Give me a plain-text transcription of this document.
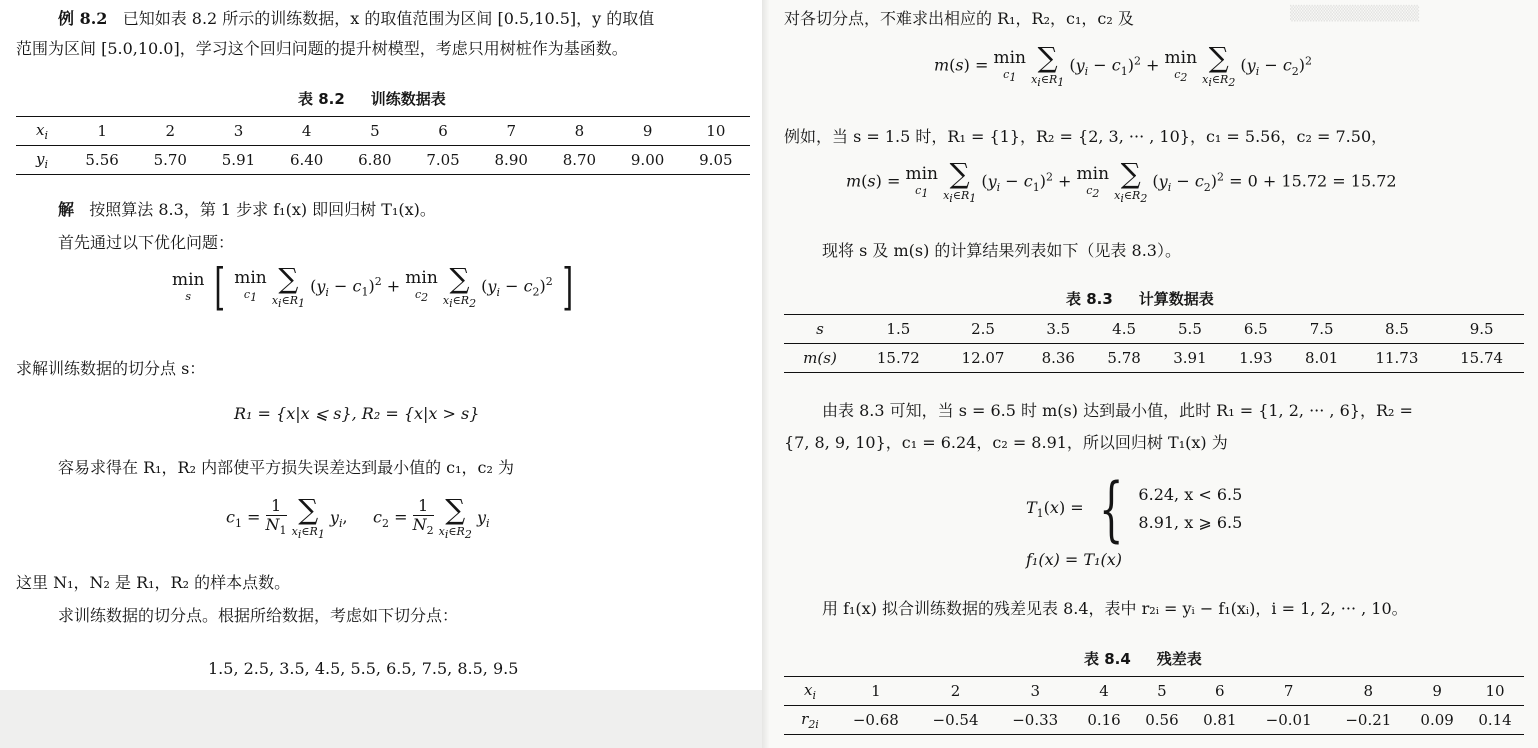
例 8.2 已知如表 8.2 所示的训练数据，x 的取值范围为区间 [0.5,10.5]，y 的取值
范围为区间 [5.0,10.0]，学习这个回归问题的提升树模型，考虑只用树桩作为基函数。
表 8.2 训练数据表
$x_i$	1	2	3	4	5	6	7	8	9	10
$y_i$	5.56	5.70	5.91	6.40	6.80	7.05	8.90	8.70	9.00	9.05
解 按照算法 8.3，第 1 步求 f₁(x) 即回归树 T₁(x)。
首先通过以下优化问题：
min
s [ min
$c_1$

∑
$x_i\in R_1$
$(y_i - c_1)^2 + \min$
$c_2$

∑
$x_i\in R_2$
$(y_i - c_2)^2$ ]
求解训练数据的切分点 s：
R₁ = {x|x ⩽ s}, R₂ = {x|x > s}
容易求得在 R₁，R₂ 内部使平方损失误差达到最小值的 c₁，c₂ 为
$c_1 = \frac{1}{N_1}$
∑
$x_i\in R_1$
$y_i$,     $c_2 = \frac{1}{N_2}$
∑
$x_i\in R_2$
$y_i$
这里 N₁，N₂ 是 R₁，R₂ 的样本点数。
求训练数据的切分点。根据所给数据，考虑如下切分点：
1.5, 2.5, 3.5, 4.5, 5.5, 6.5, 7.5, 8.5, 9.5
▒▒▒▒▒▒▒▒▒▒▒▒
对各切分点，不难求出相应的 R₁，R₂，c₁，c₂ 及
m(s) = min
$c_1$

∑
$x_i\in R_1$
$(y_i - c_1)^2 + \min$
$c_2$

∑
$x_i\in R_2$
$(y_i - c_2)^2$
例如，当 s = 1.5 时，R₁ = {1}，R₂ = {2, 3, ··· , 10}，c₁ = 5.56，c₂ = 7.50，
m(s) = min
$c_1$

∑
$x_i\in R_1$
$(y_i - c_1)^2 + \min$
$c_2$

∑
$x_i\in R_2$
$(y_i - c_2)^2 = 0 + 15.72 = 15.72$
现将 s 及 m(s) 的计算结果列表如下（见表 8.3）。
表 8.3 计算数据表
s	1.5	2.5	3.5	4.5	5.5	6.5	7.5	8.5	9.5
m(s)	15.72	12.07	8.36	5.78	3.91	1.93	8.01	11.73	15.74
由表 8.3 可知，当 s = 6.5 时 m(s) 达到最小值，此时 R₁ = {1, 2, ··· , 6}，R₂ =
{7, 8, 9, 10}，c₁ = 6.24，c₂ = 8.91，所以回归树 T₁(x) 为
$T_1(x)$ = { 6.24, x < 6.5
8.91, x ⩾ 6.5
f₁(x) = T₁(x)
用 f₁(x) 拟合训练数据的残差见表 8.4，表中 r₂ᵢ = yᵢ − f₁(xᵢ)，i = 1, 2, ··· , 10。
表 8.4 残差表
$x_i$	1	2	3	4	5	6	7	8	9	10
$r_{2i}$	−0.68	−0.54	−0.33	0.16	0.56	0.81	−0.01	−0.21	0.09	0.14
